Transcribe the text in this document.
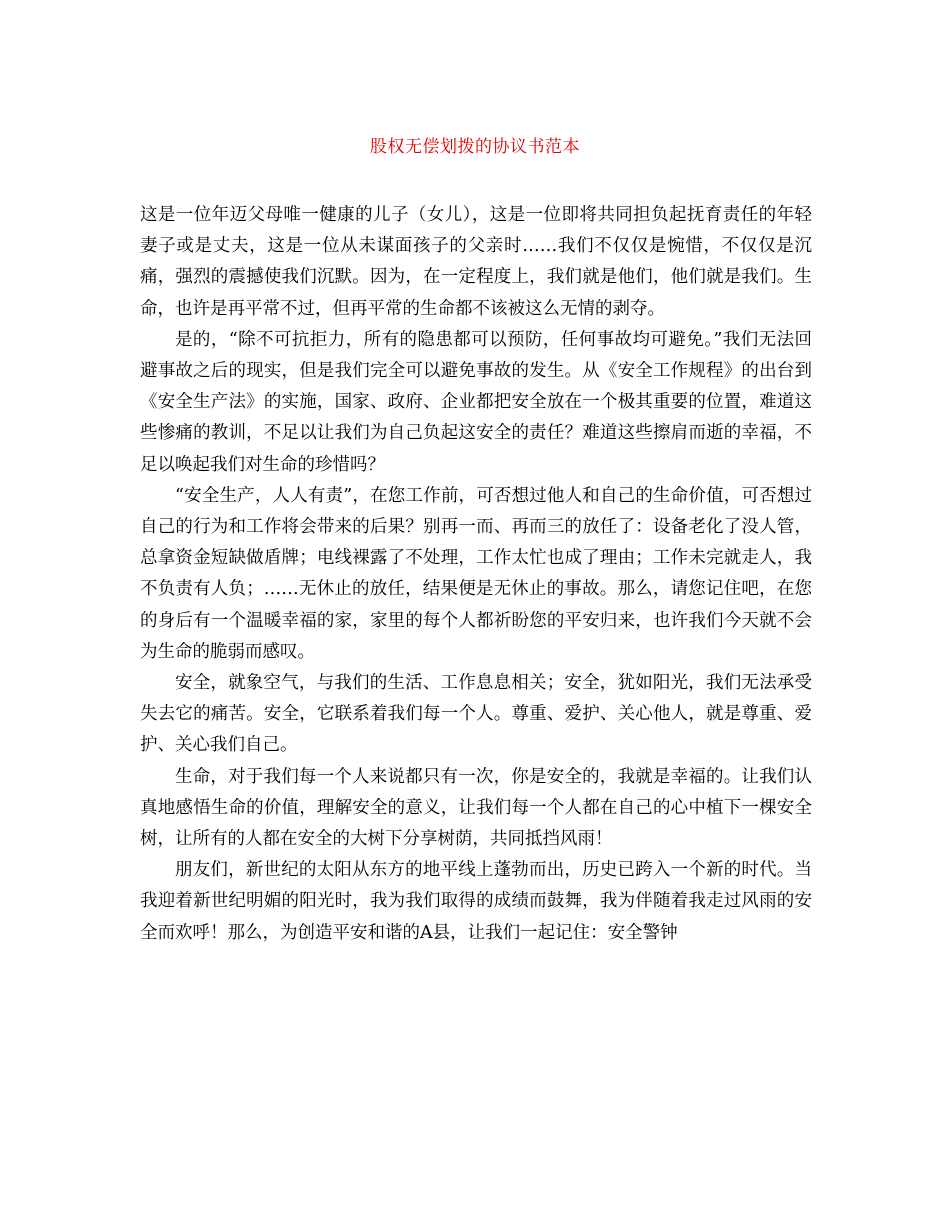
股权无偿划拨的协议书范本

这是一位年迈父母唯一健康的儿子（女儿），这是一位即将共同担负起抚育责任的年轻妻子或是丈夫，这是一位从未谋面孩子的父亲时……我们不仅仅是惋惜，不仅仅是沉痛，强烈的震撼使我们沉默。因为，在一定程度上，我们就是他们，他们就是我们。生命，也许是再平常不过，但再平常的生命都不该被这么无情的剥夺。

是的，“除不可抗拒力，所有的隐患都可以预防，任何事故均可避免。”我们无法回避事故之后的现实，但是我们完全可以避免事故的发生。从《安全工作规程》的出台到《安全生产法》的实施，国家、政府、企业都把安全放在一个极其重要的位置，难道这些惨痛的教训，不足以让我们为自己负起这安全的责任？难道这些擦肩而逝的幸福，不足以唤起我们对生命的珍惜吗？

“安全生产，人人有责”，在您工作前，可否想过他人和自己的生命价值，可否想过自己的行为和工作将会带来的后果？别再一而、再而三的放任了：设备老化了没人管，总拿资金短缺做盾牌；电线裸露了不处理，工作太忙也成了理由；工作未完就走人，我不负责有人负；……无休止的放任，结果便是无休止的事故。那么，请您记住吧，在您的身后有一个温暖幸福的家，家里的每个人都祈盼您的平安归来，也许我们今天就不会为生命的脆弱而感叹。

安全，就象空气，与我们的生活、工作息息相关；安全，犹如阳光，我们无法承受失去它的痛苦。安全，它联系着我们每一个人。尊重、爱护、关心他人，就是尊重、爱护、关心我们自己。

生命，对于我们每一个人来说都只有一次，你是安全的，我就是幸福的。让我们认真地感悟生命的价值，理解安全的意义，让我们每一个人都在自己的心中植下一棵安全树，让所有的人都在安全的大树下分享树荫，共同抵挡风雨！

朋友们，新世纪的太阳从东方的地平线上蓬勃而出，历史已跨入一个新的时代。当我迎着新世纪明媚的阳光时，我为我们取得的成绩而鼓舞，我为伴随着我走过风雨的安全而欢呼！那么，为创造平安和谐的A县，让我们一起记住：安全警钟
